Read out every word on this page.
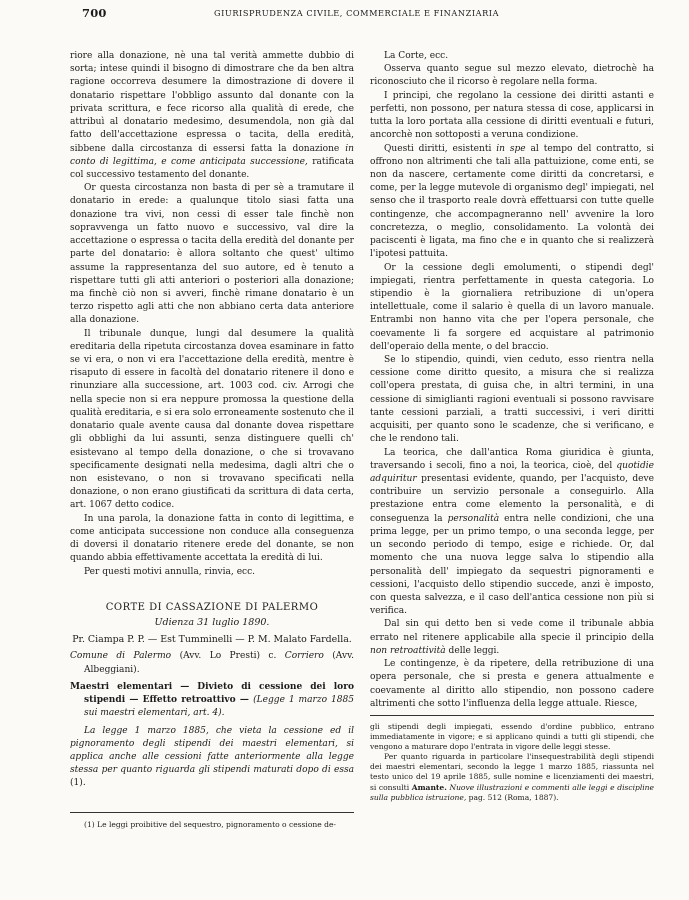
700	GIURISPRUDENZA CIVILE, COMMERCIALE E FINANZIARIA

riore alla donazione, nè una tal verità ammette dubbio di sorta; intese quindi il bisogno di dimostrare che da ben altra ragione occorreva desumere la dimostrazione di dovere il donatario rispettare l'obbligo assunto dal donante con la privata scrittura, e fece ricorso alla qualità di erede, che attribuì al donatario medesimo, desumendola, non già dal fatto dell'accettazione espressa o tacita, della eredità, sibbene dalla circostanza di essersi fatta la donazione in conto di legittima, e come anticipata successione, ratificata col successivo testamento del donante.

Or questa circostanza non basta di per sè a tramutare il donatario in erede: a qualunque titolo siasi fatta una donazione tra vivi, non cessi di esser tale finchè non sopravvenga un fatto nuovo e successivo, val dire la accettazione o espressa o tacita della eredità del donante per parte del donatario: è allora soltanto che quest' ultimo assume la rappresentanza del suo autore, ed è tenuto a rispettare tutti gli atti anteriori o posteriori alla donazione; ma finchè ciò non si avveri, finchè rimane donatario è un terzo rispetto agli atti che non abbiano certa data anteriore alla donazione.

Il tribunale dunque, lungi dal desumere la qualità ereditaria della ripetuta circostanza dovea esaminare in fatto se vi era, o non vi era l'accettazione della eredità, mentre è risaputo di essere in facoltà del donatario ritenere il dono e rinunziare alla successione, art. 1003 cod. civ. Arrogi che nella specie non si era neppure promossa la questione della qualità ereditaria, e si era solo erroneamente sostenuto che il donatario quale avente causa dal donante dovea rispettare gli obblighi da lui assunti, senza distinguere quelli ch' esistevano al tempo della donazione, o che si trovavano specificamente designati nella medesima, dagli altri che o non esistevano, o non si trovavano specificati nella donazione, o non erano giustificati da scrittura di data certa, art. 1067 detto codice.

In una parola, la donazione fatta in conto di legittima, e come anticipata successione non conduce alla conseguenza di doversi il donatario ritenere erede del donante, se non quando abbia effettivamente accettata la eredità di lui.

Per questi motivi annulla, rinvia, ecc.

CORTE DI CASSAZIONE DI PALERMO

Udienza 31 luglio 1890.

Pr. Ciampa P. P. — Est Tumminelli — P. M. Malato Fardella.

Comune di Palermo (Avv. Lo Presti) c. Corriero (Avv. Albeggiani).

Maestri elementari — Divieto di cessione dei loro stipendi — Effetto retroattivo — (Legge 1 marzo 1885 sui maestri elementari, art. 4).

La legge 1 marzo 1885, che vieta la cessione ed il pignoramento degli stipendi dei maestri elementari, si applica anche alle cessioni fatte anteriormente alla legge stessa per quanto riguarda gli stipendi maturati dopo di essa (1).

(1) Le leggi proibitive del sequestro, pignoramento o cessione de-

La Corte, ecc.

Osserva quanto segue sul mezzo elevato, dietrochè ha riconosciuto che il ricorso è regolare nella forma.

I principi, che regolano la cessione dei diritti astanti e perfetti, non possono, per natura stessa di cose, applicarsi in tutta la loro portata alla cessione di diritti eventuali e futuri, ancorchè non sottoposti a veruna condizione.

Questi diritti, esistenti in spe al tempo del contratto, si offrono non altrimenti che tali alla pattuizione, come enti, se non da nascere, certamente come diritti da concretarsi, e come, per la legge mutevole di organismo degl' impiegati, nel senso che il trasporto reale dovrà effettuarsi con tutte quelle contingenze, che accompagneranno nell' avvenire la loro concretezza, o meglio, consolidamento. La volontà dei paciscenti è ligata, ma fino che e in quanto che si realizzerà l'ipotesi pattuita.

Or la cessione degli emolumenti, o stipendi degl' impiegati, rientra perfettamente in questa categoria. Lo stipendio è la giornaliera retribuzione di un'opera intellettuale, come il salario è quella di un lavoro manuale. Entrambi non hanno vita che per l'opera personale, che coevamente li fa sorgere ed acquistare al patrimonio dell'operaio della mente, o del braccio.

Se lo stipendio, quindi, vien ceduto, esso rientra nella cessione come diritto quesito, a misura che si realizza coll'opera prestata, di guisa che, in altri termini, in una cessione di simiglianti ragioni eventuali si possono ravvisare tante cessioni parziali, a tratti successivi, i veri diritti acquisiti, per quanto sono le scadenze, che si verificano, e che le rendono tali.

La teorica, che dall'antica Roma giuridica è giunta, traversando i secoli, fino a noi, la teorica, cioè, del quotidie adquiritur presentasi evidente, quando, per l'acquisto, deve contribuire un servizio personale a conseguirlo. Alla prestazione entra come elemento la personalità, e di conseguenza la personalità entra nelle condizioni, che una prima legge, per un primo tempo, o una seconda legge, per un secondo periodo di tempo, esige e richiede. Or, dal momento che una nuova legge salva lo stipendio alla personalità dell' impiegato da sequestri pignoramenti e cessioni, l'acquisto dello stipendio succede, anzi è imposto, con questa salvezza, e il caso dell'antica cessione non più si verifica.

Dal sin qui detto ben si vede come il tribunale abbia errato nel ritenere applicabile alla specie il principio della non retroattività delle leggi.

Le contingenze, è da ripetere, della retribuzione di una opera personale, che si presta e genera attualmente e coevamente al diritto allo stipendio, non possono cadere altrimenti che sotto l'influenza della legge attuale. Riesce,

gli stipendi degli impiegati, essendo d'ordine pubblico, entrano immediatamente in vigore; e si applicano quindi a tutti gli stipendi, che vengono a maturare dopo l'entrata in vigore delle leggi stesse.

Per quanto riguarda in particolare l'insequestrabilità degli stipendi dei maestri elementari, secondo la legge 1 marzo 1885, riassunta nel testo unico del 19 aprile 1885, sulle nomine e licenziamenti dei maestri, si consulti Amante. Nuove illustrazioni e commenti alle leggi e discipline sulla pubblica istruzione, pag. 512 (Roma, 1887).
